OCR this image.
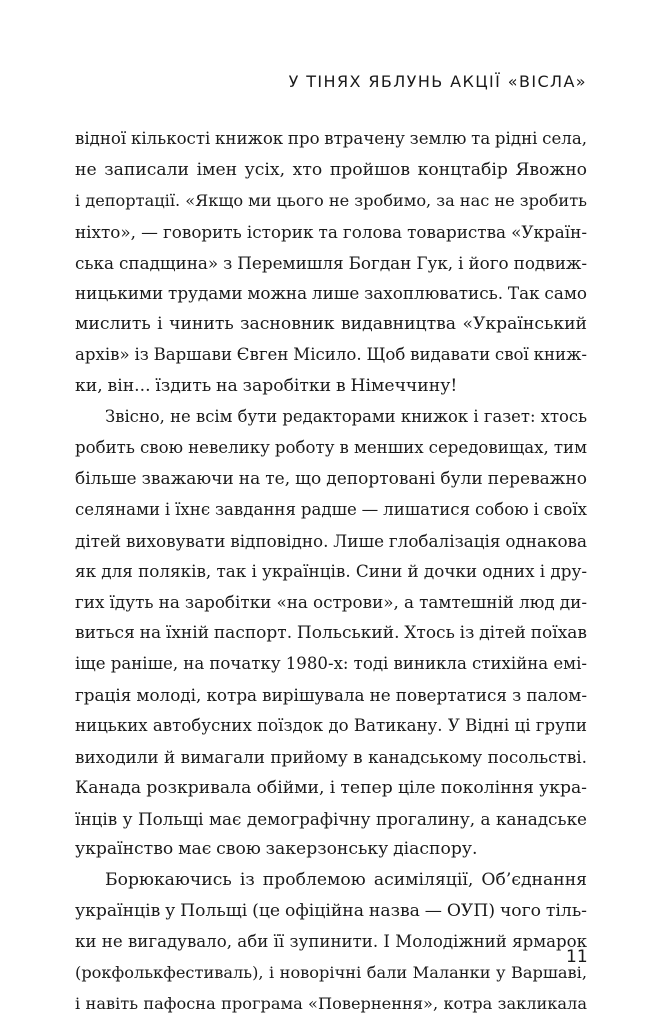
У ТІНЯХ ЯБЛУНЬ АКЦІЇ «ВІСЛА»
відної кількості книжок про втрачену землю та рідні села,
не записали імен усіх, хто пройшов концтабір Явожно
і депортації. «Якщо ми цього не зробимо, за нас не зробить
ніхто», — говорить історик та голова товариства «Україн-
ська спадщина» з Перемишля Богдан Гук, і його подвиж-
ницькими трудами можна лише захоплюватись. Так само
мислить і чинить засновник видавництва «Український
архів» із Варшави Євген Місило. Щоб видавати свої книж-
ки, він... їздить на заробітки в Німеччину!
Звісно, не всім бути редакторами книжок і газет: хтось
робить свою невелику роботу в менших середовищах, тим
більше зважаючи на те, що депортовані були переважно
селянами і їхнє завдання радше — лишатися собою і своїх
дітей виховувати відповідно. Лише глобалізація однакова
як для поляків, так і українців. Сини й дочки одних і дру-
гих їдуть на заробітки «на острови», а тамтешній люд ди-
виться на їхній паспорт. Польський. Хтось із дітей поїхав
іще раніше, на початку 1980-х: тоді виникла стихійна емі-
грація молоді, котра вирішувала не повертатися з палом-
ницьких автобусних поїздок до Ватикану. У Відні ці групи
виходили й вимагали прийому в канадському посольстві.
Канада розкривала обійми, і тепер ціле покоління укра-
їнців у Польщі має демографічну прогалину, а канадське
українство має свою закерзонську діаспору.
Борюкаючись із проблемою асиміляції, Об’єднання
українців у Польщі (це офіційна назва — ОУП) чого тіль-
ки не вигадувало, аби її зупинити. І Молодіжний ярмарок
(рокфолькфестиваль), і новорічні бали Маланки у Варшаві,
і навіть пафосна програма «Повернення», котра закликала
11
